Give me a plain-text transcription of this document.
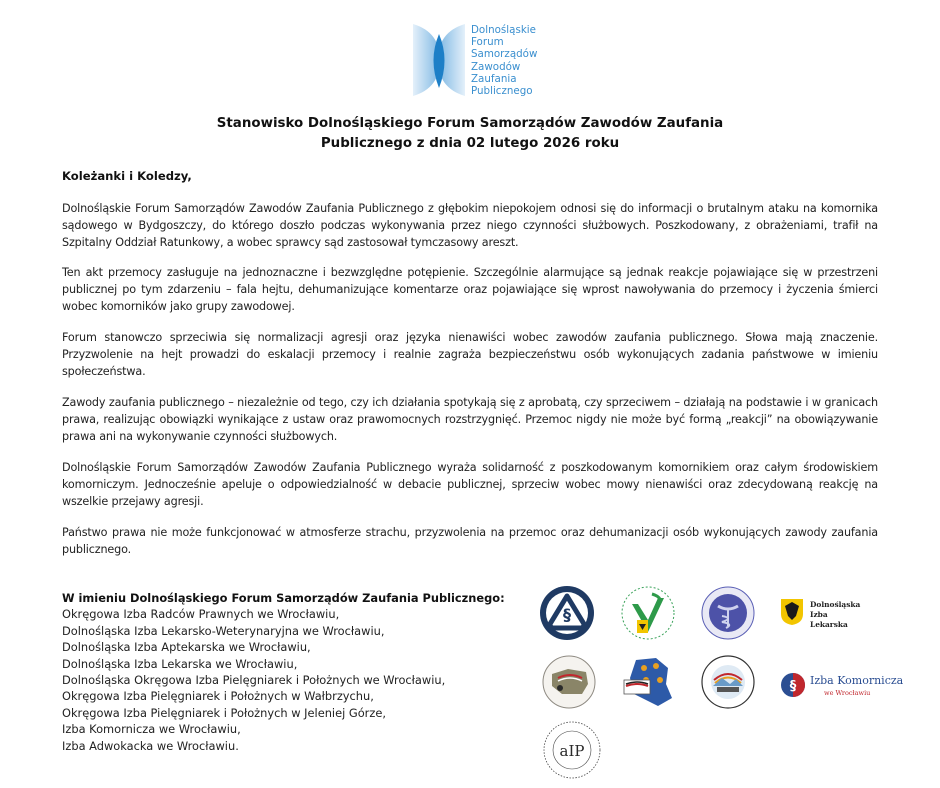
Dolnośląskie
Forum
Samorządów
Zawodów
Zaufania
Publicznego
Stanowisko Dolnośląskiego Forum Samorządów Zawodów Zaufania
Publicznego z dnia 02 lutego 2026 roku
Koleżanki i Koledzy,
Dolnośląskie Forum Samorządów Zawodów Zaufania Publicznego z głębokim niepokojem odnosi się do informacji o brutalnym ataku na komornika sądowego w Bydgoszczy, do którego doszło podczas wykonywania przez niego czynności służbowych. Poszkodowany, z obrażeniami, trafił na Szpitalny Oddział Ratunkowy, a wobec sprawcy sąd zastosował tymczasowy areszt.
Ten akt przemocy zasługuje na jednoznaczne i bezwzględne potępienie. Szczególnie alarmujące są jednak reakcje pojawiające się w przestrzeni publicznej po tym zdarzeniu – fala hejtu, dehumanizujące komentarze oraz pojawiające się wprost nawoływania do przemocy i życzenia śmierci wobec komorników jako grupy zawodowej.
Forum stanowczo sprzeciwia się normalizacji agresji oraz języka nienawiści wobec zawodów zaufania publicznego. Słowa mają znaczenie. Przyzwolenie na hejt prowadzi do eskalacji przemocy i realnie zagraża bezpieczeństwu osób wykonujących zadania państwowe w imieniu społeczeństwa.
Zawody zaufania publicznego – niezależnie od tego, czy ich działania spotykają się z aprobatą, czy sprzeciwem – działają na podstawie i w granicach prawa, realizując obowiązki wynikające z ustaw oraz prawomocnych rozstrzygnięć. Przemoc nigdy nie może być formą „reakcji” na obowiązywanie prawa ani na wykonywanie czynności służbowych.
Dolnośląskie Forum Samorządów Zawodów Zaufania Publicznego wyraża solidarność z poszkodowanym komornikiem oraz całym środowiskiem komorniczym. Jednocześnie apeluje o odpowiedzialność w debacie publicznej, sprzeciw wobec mowy nienawiści oraz zdecydowaną reakcję na wszelkie przejawy agresji.
Państwo prawa nie może funkcjonować w atmosferze strachu, przyzwolenia na przemoc oraz dehumanizacji osób wykonujących zawody zaufania publicznego.
W imieniu Dolnośląskiego Forum Samorządów Zaufania Publicznego:
Okręgowa Izba Radców Prawnych we Wrocławiu,
Dolnośląska Izba Lekarsko-Weterynaryjna we Wrocławiu,
Dolnośląska Izba Aptekarska we Wrocławiu,
Dolnośląska Izba Lekarska we Wrocławiu,
Dolnośląska Okręgowa Izba Pielęgniarek i Położnych we Wrocławiu,
Okręgowa Izba Pielęgniarek i Położnych w Wałbrzychu,
Okręgowa Izba Pielęgniarek i Położnych w Jeleniej Górze,
Izba Komornicza we Wrocławiu,
Izba Adwokacka we Wrocławiu.
§
Dolnośląska
Izba
Lekarska
§ Izba Komornicza
we Wrocławiu
aIP
